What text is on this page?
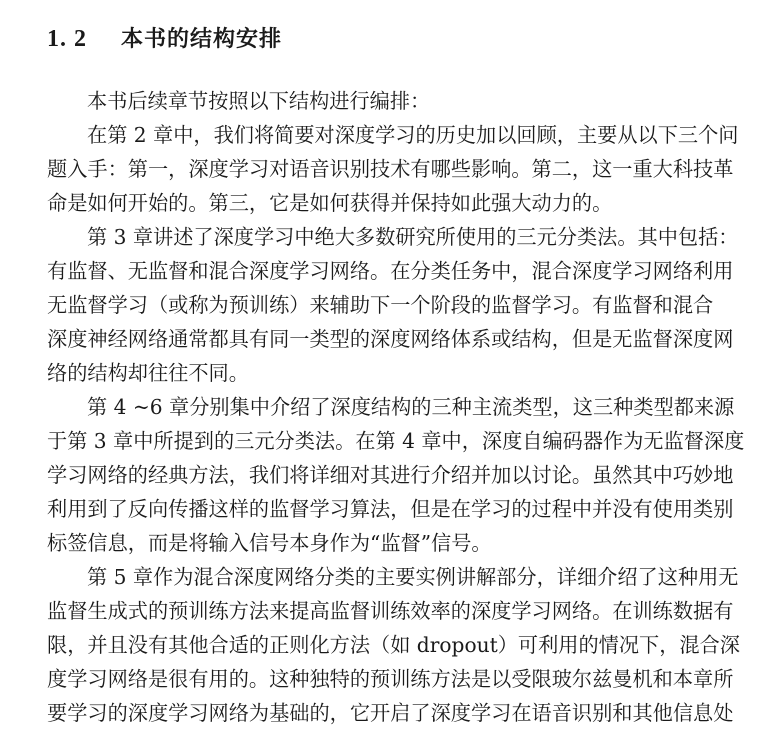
1. 2 本书的结构安排
本书后续章节按照以下结构进行编排：
在第 2 章中，我们将简要对深度学习的历史加以回顾，主要从以下三个问
题入手：第一，深度学习对语音识别技术有哪些影响。第二，这一重大科技革
命是如何开始的。第三，它是如何获得并保持如此强大动力的。
第 3 章讲述了深度学习中绝大多数研究所使用的三元分类法。其中包括：
有监督、无监督和混合深度学习网络。在分类任务中，混合深度学习网络利用
无监督学习（或称为预训练）来辅助下一个阶段的监督学习。有监督和混合
深度神经网络通常都具有同一类型的深度网络体系或结构，但是无监督深度网
络的结构却往往不同。
第 4 ~6 章分别集中介绍了深度结构的三种主流类型，这三种类型都来源
于第 3 章中所提到的三元分类法。在第 4 章中，深度自编码器作为无监督深度
学习网络的经典方法，我们将详细对其进行介绍并加以讨论。虽然其中巧妙地
利用到了反向传播这样的监督学习算法，但是在学习的过程中并没有使用类别
标签信息，而是将输入信号本身作为“监督”信号。
第 5 章作为混合深度网络分类的主要实例讲解部分，详细介绍了这种用无
监督生成式的预训练方法来提高监督训练效率的深度学习网络。在训练数据有
限，并且没有其他合适的正则化方法（如 dropout）可利用的情况下，混合深
度学习网络是很有用的。这种独特的预训练方法是以受限玻尔兹曼机和本章所
要学习的深度学习网络为基础的，它开启了深度学习在语音识别和其他信息处
